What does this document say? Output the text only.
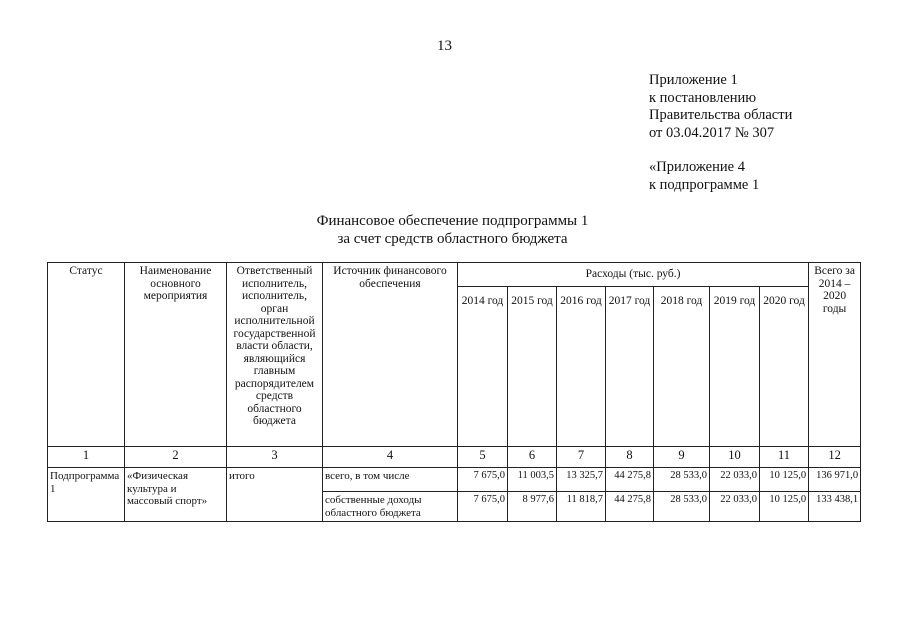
13
Приложение 1
к постановлению
Правительства области
от 03.04.2017 № 307
«Приложение 4
к подпрограмме 1
Финансовое обеспечение подпрограммы 1
за счет средств областного бюджета
Статус	Наименование основного мероприятия	Ответственный исполнитель, исполнитель, орган исполнительной государственной власти области, являющийся главным распорядителем средств областного бюджета	Источник финансового обеспечения	Расходы (тыс. руб.)							Всего за 2014 – 2020 годы
				2014 год	2015 год	2016 год	2017 год	2018 год	2019 год	2020 год	
1	2	3	4	5	6	7	8	9	10	11	12
Подпрограмма 1	«Физическая культура и массовый спорт»	итого	всего, в том числе	7 675,0	11 003,5	13 325,7	44 275,8	28 533,0	22 033,0	10 125,0	136 971,0
			собственные доходы областного бюджета	7 675,0	8 977,6	11 818,7	44 275,8	28 533,0	22 033,0	10 125,0	133 438,1
